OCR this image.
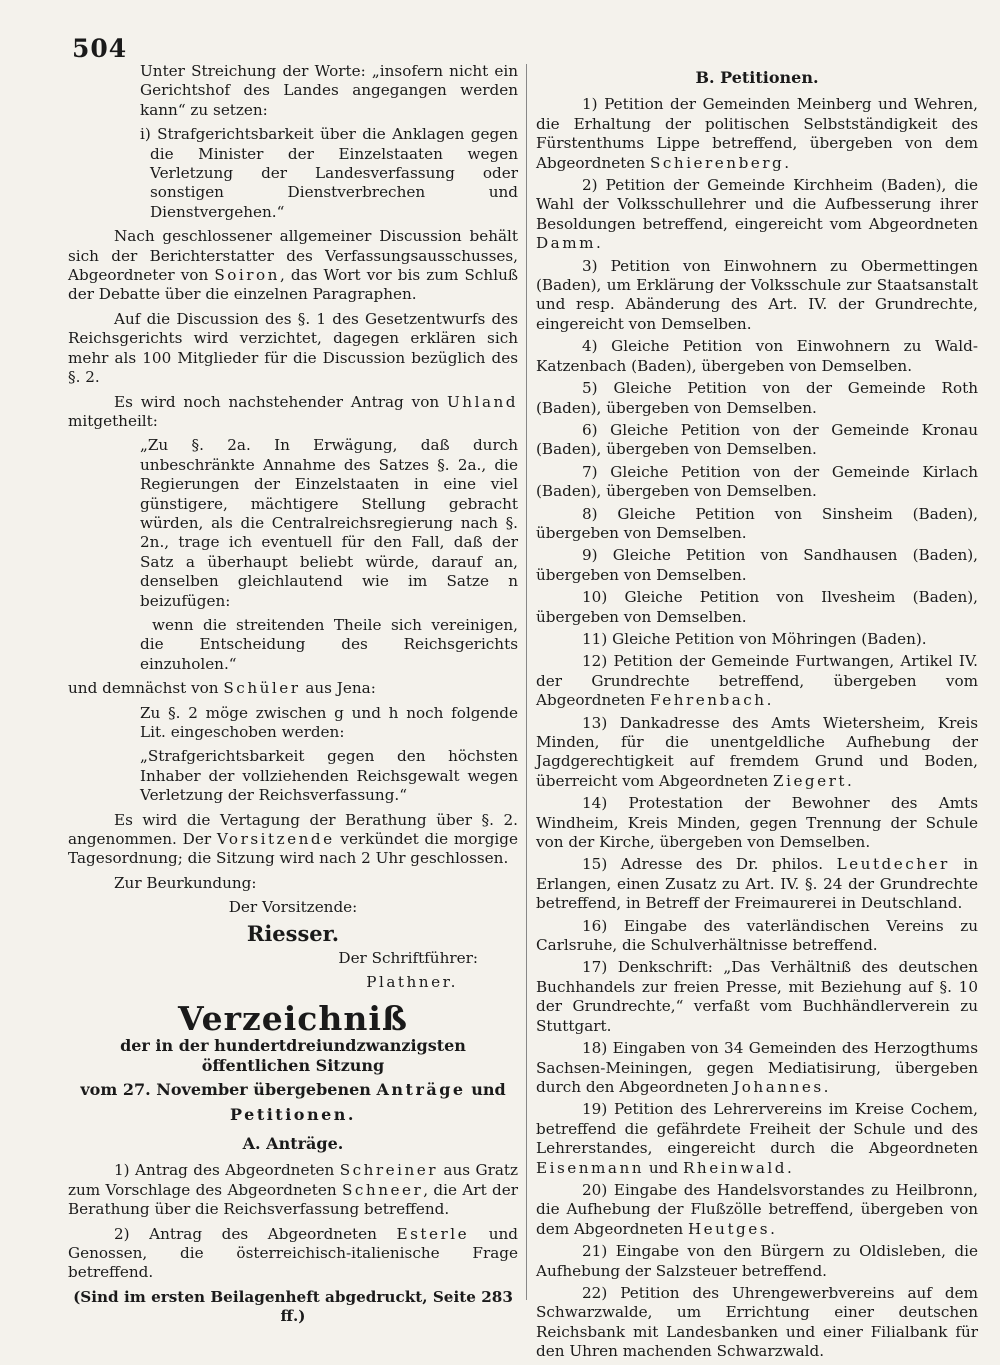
504

Unter Streichung der Worte: „insofern nicht ein Gerichtshof des Landes angegangen werden kann“ zu setzen:

i) Strafgerichtsbarkeit über die Anklagen gegen die Minister der Einzelstaaten wegen Verletzung der Landesverfassung oder sonstigen Dienstverbrechen und Dienstvergehen.“

Nach geschlossener allgemeiner Discussion behält sich der Berichterstatter des Verfassungsausschusses, Abgeordneter von Soiron, das Wort vor bis zum Schluß der Debatte über die einzelnen Paragraphen.

Auf die Discussion des §. 1 des Gesetzentwurfs des Reichsgerichts wird verzichtet, dagegen erklären sich mehr als 100 Mitglieder für die Discussion bezüglich des §. 2.

Es wird noch nachstehender Antrag von Uhland mitgetheilt:

„Zu §. 2a. In Erwägung, daß durch unbeschränkte Annahme des Satzes §. 2a., die Regierungen der Einzelstaaten in eine viel günstigere, mächtigere Stellung gebracht würden, als die Centralreichsregierung nach §. 2n., trage ich eventuell für den Fall, daß der Satz a überhaupt beliebt würde, darauf an, denselben gleichlautend wie im Satze n beizufügen:

wenn die streitenden Theile sich vereinigen, die Entscheidung des Reichsgerichts einzuholen.“

und demnächst von Schüler aus Jena:

Zu §. 2 möge zwischen g und h noch folgende Lit. eingeschoben werden:

„Strafgerichtsbarkeit gegen den höchsten Inhaber der vollziehenden Reichsgewalt wegen Verletzung der Reichsverfassung.“

Es wird die Vertagung der Berathung über §. 2. angenommen. Der Vorsitzende verkündet die morgige Tagesordnung; die Sitzung wird nach 2 Uhr geschlossen.

Zur Beurkundung:

Der Vorsitzende:

Riesser.

Der Schriftführer:

Plathner.

Verzeichniß

der in der hundertdreiundzwanzigsten öffentlichen Sitzung

vom 27. November übergebenen Anträge und

Petitionen.

A. Anträge.

1) Antrag des Abgeordneten Schreiner aus Gratz zum Vorschlage des Abgeordneten Schneer, die Art der Berathung über die Reichsverfassung betreffend.

2) Antrag des Abgeordneten Esterle und Genossen, die österreichisch-italienische Frage betreffend.

(Sind im ersten Beilagenheft abgedruckt, Seite 283 ff.)

B. Petitionen.

1) Petition der Gemeinden Meinberg und Wehren, die Erhaltung der politischen Selbstständigkeit des Fürstenthums Lippe betreffend, übergeben von dem Abgeordneten Schierenberg.

2) Petition der Gemeinde Kirchheim (Baden), die Wahl der Volksschullehrer und die Aufbesserung ihrer Besoldungen betreffend, eingereicht vom Abgeordneten Damm.

3) Petition von Einwohnern zu Obermettingen (Baden), um Erklärung der Volksschule zur Staatsanstalt und resp. Abänderung des Art. IV. der Grundrechte, eingereicht von Demselben.

4) Gleiche Petition von Einwohnern zu Wald-Katzenbach (Baden), übergeben von Demselben.

5) Gleiche Petition von der Gemeinde Roth (Baden), übergeben von Demselben.

6) Gleiche Petition von der Gemeinde Kronau (Baden), übergeben von Demselben.

7) Gleiche Petition von der Gemeinde Kirlach (Baden), übergeben von Demselben.

8) Gleiche Petition von Sinsheim (Baden), übergeben von Demselben.

9) Gleiche Petition von Sandhausen (Baden), übergeben von Demselben.

10) Gleiche Petition von Ilvesheim (Baden), übergeben von Demselben.

11) Gleiche Petition von Möhringen (Baden).

12) Petition der Gemeinde Furtwangen, Artikel IV. der Grundrechte betreffend, übergeben vom Abgeordneten Fehrenbach.

13) Dankadresse des Amts Wietersheim, Kreis Minden, für die unentgeldliche Aufhebung der Jagdgerechtigkeit auf fremdem Grund und Boden, überreicht vom Abgeordneten Ziegert.

14) Protestation der Bewohner des Amts Windheim, Kreis Minden, gegen Trennung der Schule von der Kirche, übergeben von Demselben.

15) Adresse des Dr. philos. Leutdecher in Erlangen, einen Zusatz zu Art. IV. §. 24 der Grundrechte betreffend, in Betreff der Freimaurerei in Deutschland.

16) Eingabe des vaterländischen Vereins zu Carlsruhe, die Schulverhältnisse betreffend.

17) Denkschrift: „Das Verhältniß des deutschen Buchhandels zur freien Presse, mit Beziehung auf §. 10 der Grundrechte,“ verfaßt vom Buchhändlerverein zu Stuttgart.

18) Eingaben von 34 Gemeinden des Herzogthums Sachsen-Meiningen, gegen Mediatisirung, übergeben durch den Abgeordneten Johannes.

19) Petition des Lehrervereins im Kreise Cochem, betreffend die gefährdete Freiheit der Schule und des Lehrerstandes, eingereicht durch die Abgeordneten Eisenmann und Rheinwald.

20) Eingabe des Handelsvorstandes zu Heilbronn, die Aufhebung der Flußzölle betreffend, übergeben von dem Abgeordneten Heutges.

21) Eingabe von den Bürgern zu Oldisleben, die Aufhebung der Salzsteuer betreffend.

22) Petition des Uhrengewerbvereins auf dem Schwarzwalde, um Errichtung einer deutschen Reichsbank mit Landesbanken und einer Filialbank für den Uhren machenden Schwarzwald.
